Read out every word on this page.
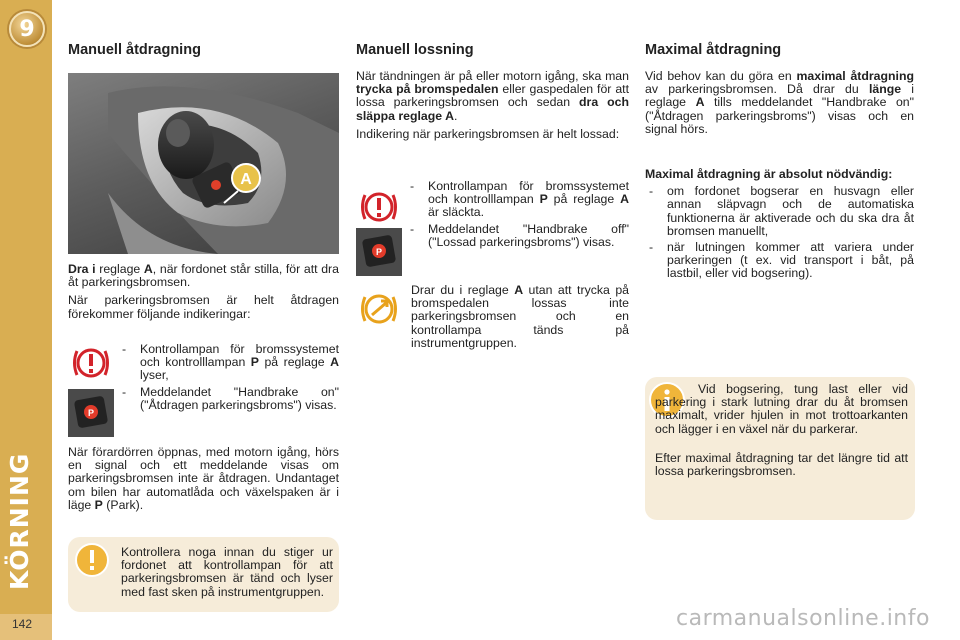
9
KÖRNING
142
Manuell åtdragning
A

Dra i reglage A, när fordonet står stilla, för att dra åt parkeringsbromsen.

När parkeringsbromsen är helt åtdragen förekommer följande indikeringar:

P
- Kontrollampan för bromssystemet och kontrolllampan P på reglage A lyser,
- Meddelandet "Handbrake on" ("Åtdragen parkeringsbroms") visas.

När förardörren öppnas, med motorn igång, hörs en signal och ett meddelande visas om parkeringsbromsen inte är åtdragen. Undantaget om bilen har automatlåda och växelspaken är i läge P (Park).

Kontrollera noga innan du stiger ur fordonet att kontrollampan för att parkeringsbromsen är tänd och lyser med fast sken på instrumentgruppen.
Manuell lossning

När tändningen är på eller motorn igång, ska man trycka på bromspedalen eller gaspedalen för att lossa parkeringsbromsen och sedan dra och släppa reglage A.

Indikering när parkeringsbromsen är helt lossad:

P
- Kontrollampan för bromssystemet och kontrolllampan P på reglage A är släckta.
- Meddelandet "Handbrake off" ("Lossad parkeringsbroms") visas.

Drar du i reglage A utan att trycka på bromspedalen lossas inte parkeringsbromsen och en kontrollampa tänds på instrumentgruppen.

Maximal åtdragning

Vid behov kan du göra en maximal åtdragning av parkeringsbromsen. Då drar du länge i reglage A tills meddelandet "Handbrake on" ("Åtdragen parkeringsbroms") visas och en signal hörs.

Maximal åtdragning är absolut nödvändig:

- om fordonet bogserar en husvagn eller annan släpvagn och de automatiska funktionerna är aktiverade och du ska dra åt bromsen manuellt,
- när lutningen kommer att variera under parkeringen (t ex. vid transport i båt, på lastbil, eller vid bogsering).
Vid bogsering, tung last eller vid parkering i stark lutning drar du åt bromsen maximalt, vrider hjulen in mot trottoarkanten och lägger i en växel när du parkerar.
Efter maximal åtdragning tar det längre tid att lossa parkeringsbromsen.
carmanualsonline.info
